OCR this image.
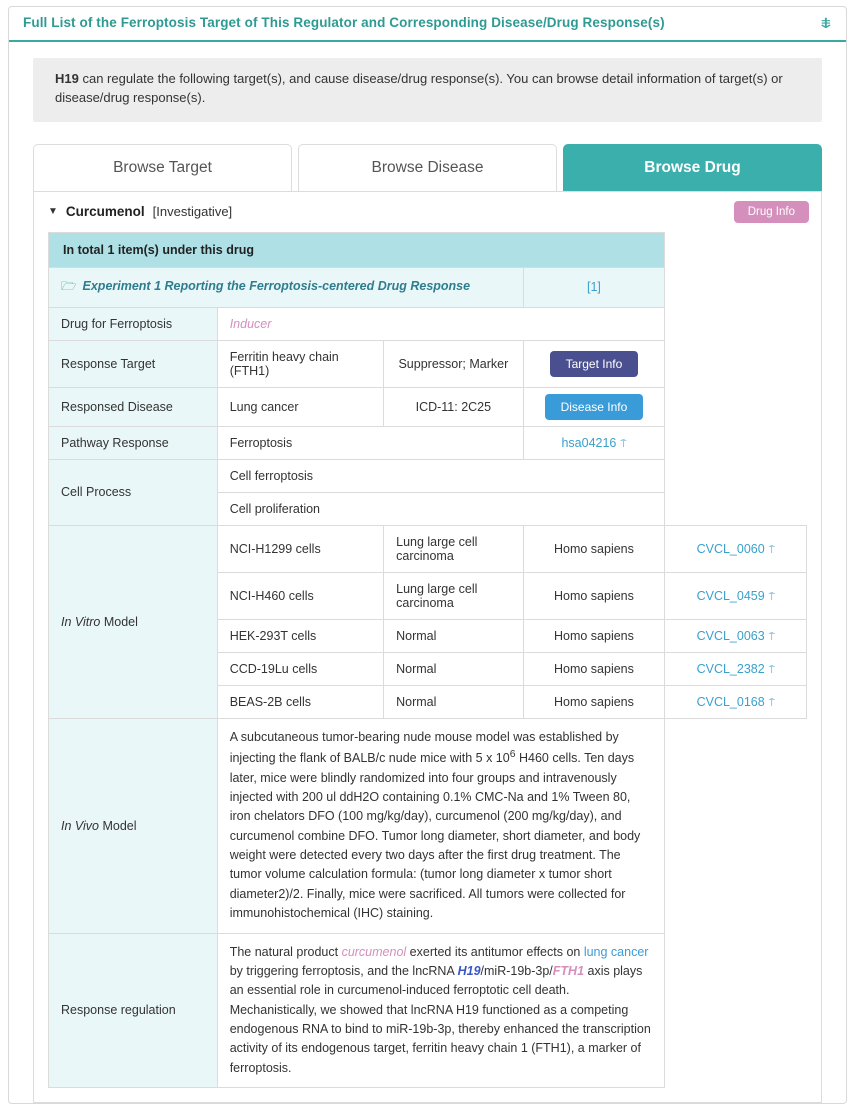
Full List of the Ferroptosis Target of This Regulator and Corresponding Disease/Drug Response(s)	⇟
H19 can regulate the following target(s), and cause disease/drug response(s). You can browse detail information of target(s) or disease/drug response(s).
Browse Target	Browse Disease	Browse Drug
▼ Curcumenol [Investigative]	Drug Info
In total 1 item(s) under this drug				
🗁 Experiment 1 Reporting the Ferroptosis-centered Drug Response			[1]	
Drug for Ferroptosis	Inducer			
Response Target	Ferritin heavy chain (FTH1)	Suppressor; Marker	Target Info	
Responsed Disease	Lung cancer	ICD-11: 2C25	Disease Info	
Pathway Response	Ferroptosis		hsa04216 ⍑	
Cell Process	Cell ferroptosis			
	Cell proliferation			
In Vitro Model	NCI-H1299 cells	Lung large cell carcinoma	Homo sapiens	CVCL_0060 ⍑
	NCI-H460 cells	Lung large cell carcinoma	Homo sapiens	CVCL_0459 ⍑
	HEK-293T cells	Normal	Homo sapiens	CVCL_0063 ⍑
	CCD-19Lu cells	Normal	Homo sapiens	CVCL_2382 ⍑
	BEAS-2B cells	Normal	Homo sapiens	CVCL_0168 ⍑
In Vivo Model	A subcutaneous tumor-bearing nude mouse model was established by injecting the flank of BALB/c nude mice with 5 x $10^6$ H460 cells. Ten days later, mice were blindly randomized into four groups and intravenously injected with 200 ul ddH2O containing 0.1% CMC-Na and 1% Tween 80, iron chelators DFO (100 mg/kg/day), curcumenol (200 mg/kg/day), and curcumenol combine DFO. Tumor long diameter, short diameter, and body weight were detected every two days after the first drug treatment. The tumor volume calculation formula: (tumor long diameter x tumor short diameter2)/2. Finally, mice were sacrificed. All tumors were collected for immunohistochemical (IHC) staining.			
Response regulation	The natural product curcumenol exerted its antitumor effects on lung cancer by triggering ferroptosis, and the lncRNA H19/miR-19b-3p/FTH1 axis plays an essential role in curcumenol-induced ferroptotic cell death. Mechanistically, we showed that lncRNA H19 functioned as a competing endogenous RNA to bind to miR-19b-3p, thereby enhanced the transcription activity of its endogenous target, ferritin heavy chain 1 (FTH1), a marker of ferroptosis.			
